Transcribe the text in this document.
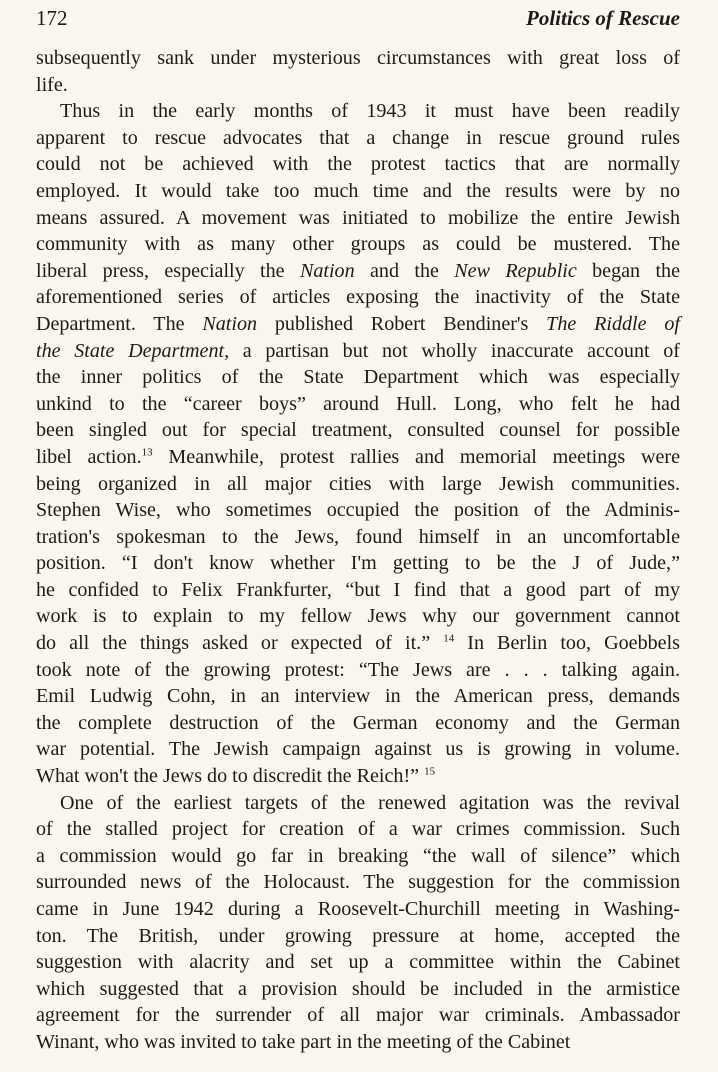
172	Politics of Rescue
subsequently sank under mysterious circumstances with great loss of
life.
Thus in the early months of 1943 it must have been readily
apparent to rescue advocates that a change in rescue ground rules
could not be achieved with the protest tactics that are normally
employed. It would take too much time and the results were by no
means assured. A movement was initiated to mobilize the entire Jewish
community with as many other groups as could be mustered. The
liberal press, especially the Nation and the New Republic began the
aforementioned series of articles exposing the inactivity of the State
Department. The Nation published Robert Bendiner's The Riddle of
the State Department, a partisan but not wholly inaccurate account of
the inner politics of the State Department which was especially
unkind to the “career boys” around Hull. Long, who felt he had
been singled out for special treatment, consulted counsel for possible
libel action.$^{13}$ Meanwhile, protest rallies and memorial meetings were
being organized in all major cities with large Jewish communities.
Stephen Wise, who sometimes occupied the position of the Adminis-
tration's spokesman to the Jews, found himself in an uncomfortable
position. “I don't know whether I'm getting to be the J of Jude,”
he confided to Felix Frankfurter, “but I find that a good part of my
work is to explain to my fellow Jews why our government cannot
do all the things asked or expected of it.” $^{14}$ In Berlin too, Goebbels
took note of the growing protest: “The Jews are . . . talking again.
Emil Ludwig Cohn, in an interview in the American press, demands
the complete destruction of the German economy and the German
war potential. The Jewish campaign against us is growing in volume.
What won't the Jews do to discredit the Reich!” $^{15}$
One of the earliest targets of the renewed agitation was the revival
of the stalled project for creation of a war crimes commission. Such
a commission would go far in breaking “the wall of silence” which
surrounded news of the Holocaust. The suggestion for the commission
came in June 1942 during a Roosevelt-Churchill meeting in Washing-
ton. The British, under growing pressure at home, accepted the
suggestion with alacrity and set up a committee within the Cabinet
which suggested that a provision should be included in the armistice
agreement for the surrender of all major war criminals. Ambassador
Winant, who was invited to take part in the meeting of the Cabinet
